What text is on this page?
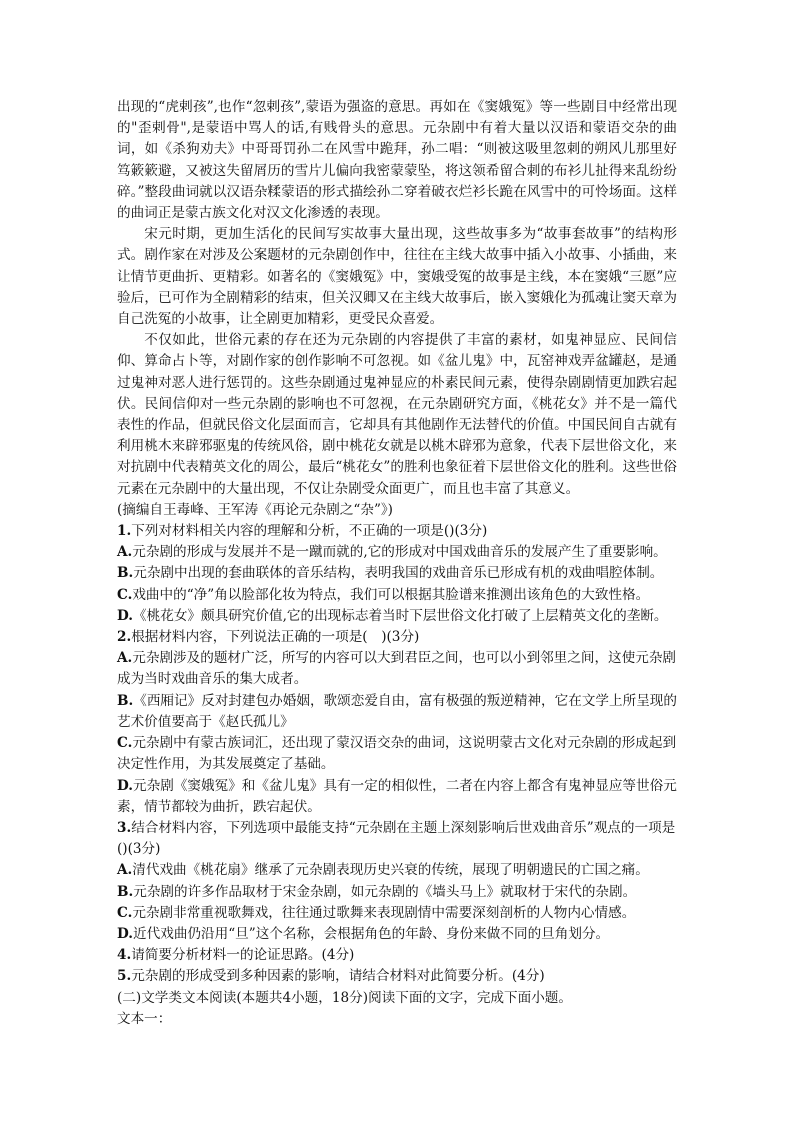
出现的“虎剌孩”,也作“忽剌孩”,蒙语为强盗的意思。再如在《窦娥冤》等一些剧目中经常出现的"歪剌骨",是蒙语中骂人的话,有贱骨头的意思。元杂剧中有着大量以汉语和蒙语交杂的曲词，如《杀狗劝夫》中哥哥罚孙二在风雪中跪拜，孙二唱：“则被这吸里忽刺的朔风儿那里好笃簌簌避，又被这失留屑历的雪片儿偏向我密蒙蒙坠，将这领希留合刺的布衫儿扯得来乱纷纷碎。”整段曲词就以汉语杂糅蒙语的形式描绘孙二穿着破衣烂衫长跪在风雪中的可怜场面。这样的曲词正是蒙古族文化对汉文化渗透的表现。

宋元时期，更加生活化的民间写实故事大量出现，这些故事多为“故事套故事”的结构形式。剧作家在对涉及公案题材的元杂剧创作中，往往在主线大故事中插入小故事、小插曲，来让情节更曲折、更精彩。如著名的《窦娥冤》中，窦娥受冤的故事是主线，本在窦娥“三愿”应验后，已可作为全剧精彩的结束，但关汉卿又在主线大故事后，嵌入窦娥化为孤魂让窦天章为自己洗冤的小故事，让全剧更加精彩，更受民众喜爱。

不仅如此，世俗元素的存在还为元杂剧的内容提供了丰富的素材，如鬼神显应、民间信仰、算命占卜等，对剧作家的创作影响不可忽视。如《盆儿鬼》中，瓦窑神戏弄盆罐赵，是通过鬼神对恶人进行惩罚的。这些杂剧通过鬼神显应的朴素民间元素，使得杂剧剧情更加跌宕起伏。民间信仰对一些元杂剧的影响也不可忽视，在元杂剧研究方面，《桃花女》并不是一篇代表性的作品，但就民俗文化层面而言，它却具有其他剧作无法替代的价值。中国民间自古就有利用桃木来辟邪驱鬼的传统风俗，剧中桃花女就是以桃木辟邪为意象，代表下层世俗文化，来对抗剧中代表精英文化的周公，最后“桃花女”的胜利也象征着下层世俗文化的胜利。这些世俗元素在元杂剧中的大量出现，不仅让杂剧受众面更广，而且也丰富了其意义。

(摘编自王毒峰、王军涛《再论元杂剧之“杂”》)

1.下列对材料相关内容的理解和分析，不正确的一项是()(3分)

A.元杂剧的形成与发展并不是一蹴而就的,它的形成对中国戏曲音乐的发展产生了重要影响。

B.元杂剧中出现的套曲联体的音乐结构，表明我国的戏曲音乐已形成有机的戏曲唱腔体制。

C.戏曲中的“净”角以脸部化妆为特点，我们可以根据其脸谱来推测出该角色的大致性格。

D.《桃花女》颇具研究价值,它的出现标志着当时下层世俗文化打破了上层精英文化的垄断。

2.根据材料内容，下列说法正确的一项是(　)(3分)

A.元杂剧涉及的题材广泛，所写的内容可以大到君臣之间，也可以小到邻里之间，这使元杂剧成为当时戏曲音乐的集大成者。

B.《西厢记》反对封建包办婚姻，歌颂恋爱自由，富有极强的叛逆精神，它在文学上所呈现的艺术价值要高于《赵氏孤儿》

C.元杂剧中有蒙古族词汇，还出现了蒙汉语交杂的曲词，这说明蒙古文化对元杂剧的形成起到决定性作用，为其发展奠定了基础。

D.元杂剧《窦娥冤》和《盆儿鬼》具有一定的相似性，二者在内容上都含有鬼神显应等世俗元素，情节都较为曲折，跌宕起伏。

3.结合材料内容，下列选项中最能支持“元杂剧在主题上深刻影响后世戏曲音乐”观点的一项是()(3分)

A.清代戏曲《桃花扇》继承了元杂剧表现历史兴衰的传统，展现了明朝遗民的亡国之痛。

B.元杂剧的许多作品取材于宋金杂剧，如元杂剧的《墙头马上》就取材于宋代的杂剧。

C.元杂剧非常重视歌舞戏，往往通过歌舞来表现剧情中需要深刻剖析的人物内心情感。

D.近代戏曲仍沿用“旦”这个名称，会根据角色的年龄、身份来做不同的旦角划分。

4.请简要分析材料一的论证思路。(4分)

5.元杂剧的形成受到多种因素的影响，请结合材料对此简要分析。(4分)

(二)文学类文本阅读(本题共4小题，18分)阅读下面的文字，完成下面小题。

文本一：
